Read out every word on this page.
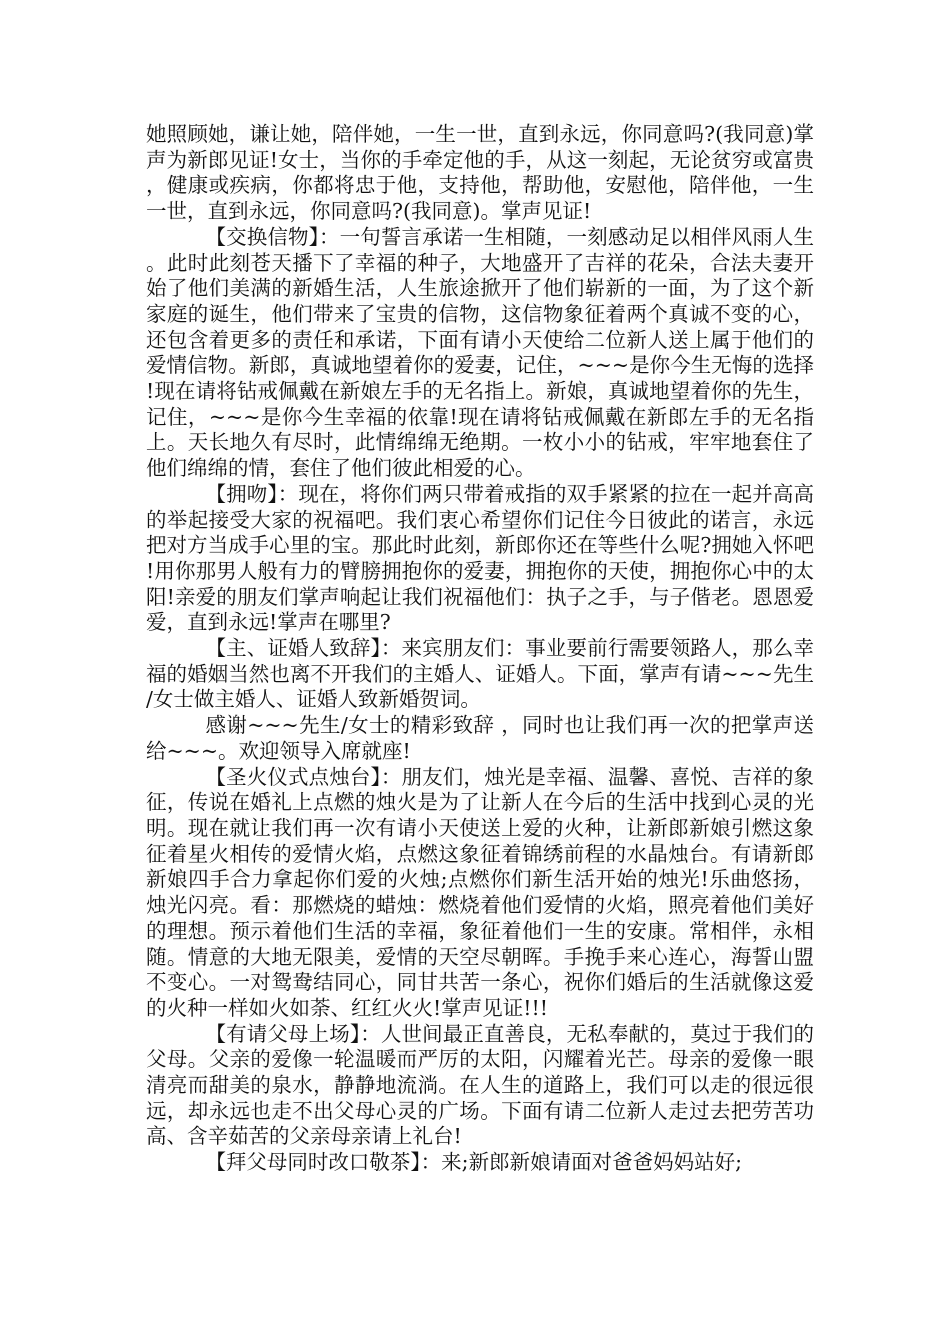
她照顾她，谦让她，陪伴她，一生一世，直到永远，你同意吗?(我同意)掌声为新郎见证!女士，当你的手牵定他的手，从这一刻起，无论贫穷或富贵，健康或疾病，你都将忠于他，支持他，帮助他，安慰他，陪伴他，一生一世，直到永远，你同意吗?(我同意)。掌声见证!

【交换信物】：一句誓言承诺一生相随，一刻感动足以相伴风雨人生。此时此刻苍天播下了幸福的种子，大地盛开了吉祥的花朵，合法夫妻开始了他们美满的新婚生活，人生旅途掀开了他们崭新的一面，为了这个新家庭的诞生，他们带来了宝贵的信物，这信物象征着两个真诚不变的心，还包含着更多的责任和承诺，下面有请小天使给二位新人送上属于他们的爱情信物。新郎，真诚地望着你的爱妻，记住，~~~是你今生无悔的选择!现在请将钻戒佩戴在新娘左手的无名指上。新娘，真诚地望着你的先生，记住，~~~是你今生幸福的依靠!现在请将钻戒佩戴在新郎左手的无名指上。天长地久有尽时，此情绵绵无绝期。一枚小小的钻戒，牢牢地套住了他们绵绵的情，套住了他们彼此相爱的心。

【拥吻】：现在，将你们两只带着戒指的双手紧紧的拉在一起并高高的举起接受大家的祝福吧。我们衷心希望你们记住今日彼此的诺言，永远把对方当成手心里的宝。那此时此刻，新郎你还在等些什么呢?拥她入怀吧!用你那男人般有力的臂膀拥抱你的爱妻，拥抱你的天使，拥抱你心中的太阳!亲爱的朋友们掌声响起让我们祝福他们：执子之手，与子偕老。恩恩爱爱，直到永远!掌声在哪里?

【主、证婚人致辞】：来宾朋友们：事业要前行需要领路人，那么幸福的婚姻当然也离不开我们的主婚人、证婚人。下面，掌声有请~~~先生/女士做主婚人、证婚人致新婚贺词。

感谢~~~先生/女士的精彩致辞 ，同时也让我们再一次的把掌声送给~~~。欢迎领导入席就座!

【圣火仪式点烛台】：朋友们，烛光是幸福、温馨、喜悦、吉祥的象征，传说在婚礼上点燃的烛火是为了让新人在今后的生活中找到心灵的光明。现在就让我们再一次有请小天使送上爱的火种，让新郎新娘引燃这象征着星火相传的爱情火焰，点燃这象征着锦绣前程的水晶烛台。有请新郎新娘四手合力拿起你们爱的火烛;点燃你们新生活开始的烛光!乐曲悠扬，烛光闪亮。看：那燃烧的蜡烛：燃烧着他们爱情的火焰，照亮着他们美好的理想。预示着他们生活的幸福，象征着他们一生的安康。常相伴，永相随。情意的大地无限美，爱情的天空尽朝晖。手挽手来心连心，海誓山盟不变心。一对鸳鸯结同心，同甘共苦一条心，祝你们婚后的生活就像这爱的火种一样如火如荼、红红火火!掌声见证!!!

【有请父母上场】：人世间最正直善良，无私奉献的，莫过于我们的父母。父亲的爱像一轮温暖而严厉的太阳，闪耀着光芒。母亲的爱像一眼清亮而甜美的泉水，静静地流淌。在人生的道路上，我们可以走的很远很远，却永远也走不出父母心灵的广场。下面有请二位新人走过去把劳苦功高、含辛茹苦的父亲母亲请上礼台!

【拜父母同时改口敬茶】：来;新郎新娘请面对爸爸妈妈站好;
